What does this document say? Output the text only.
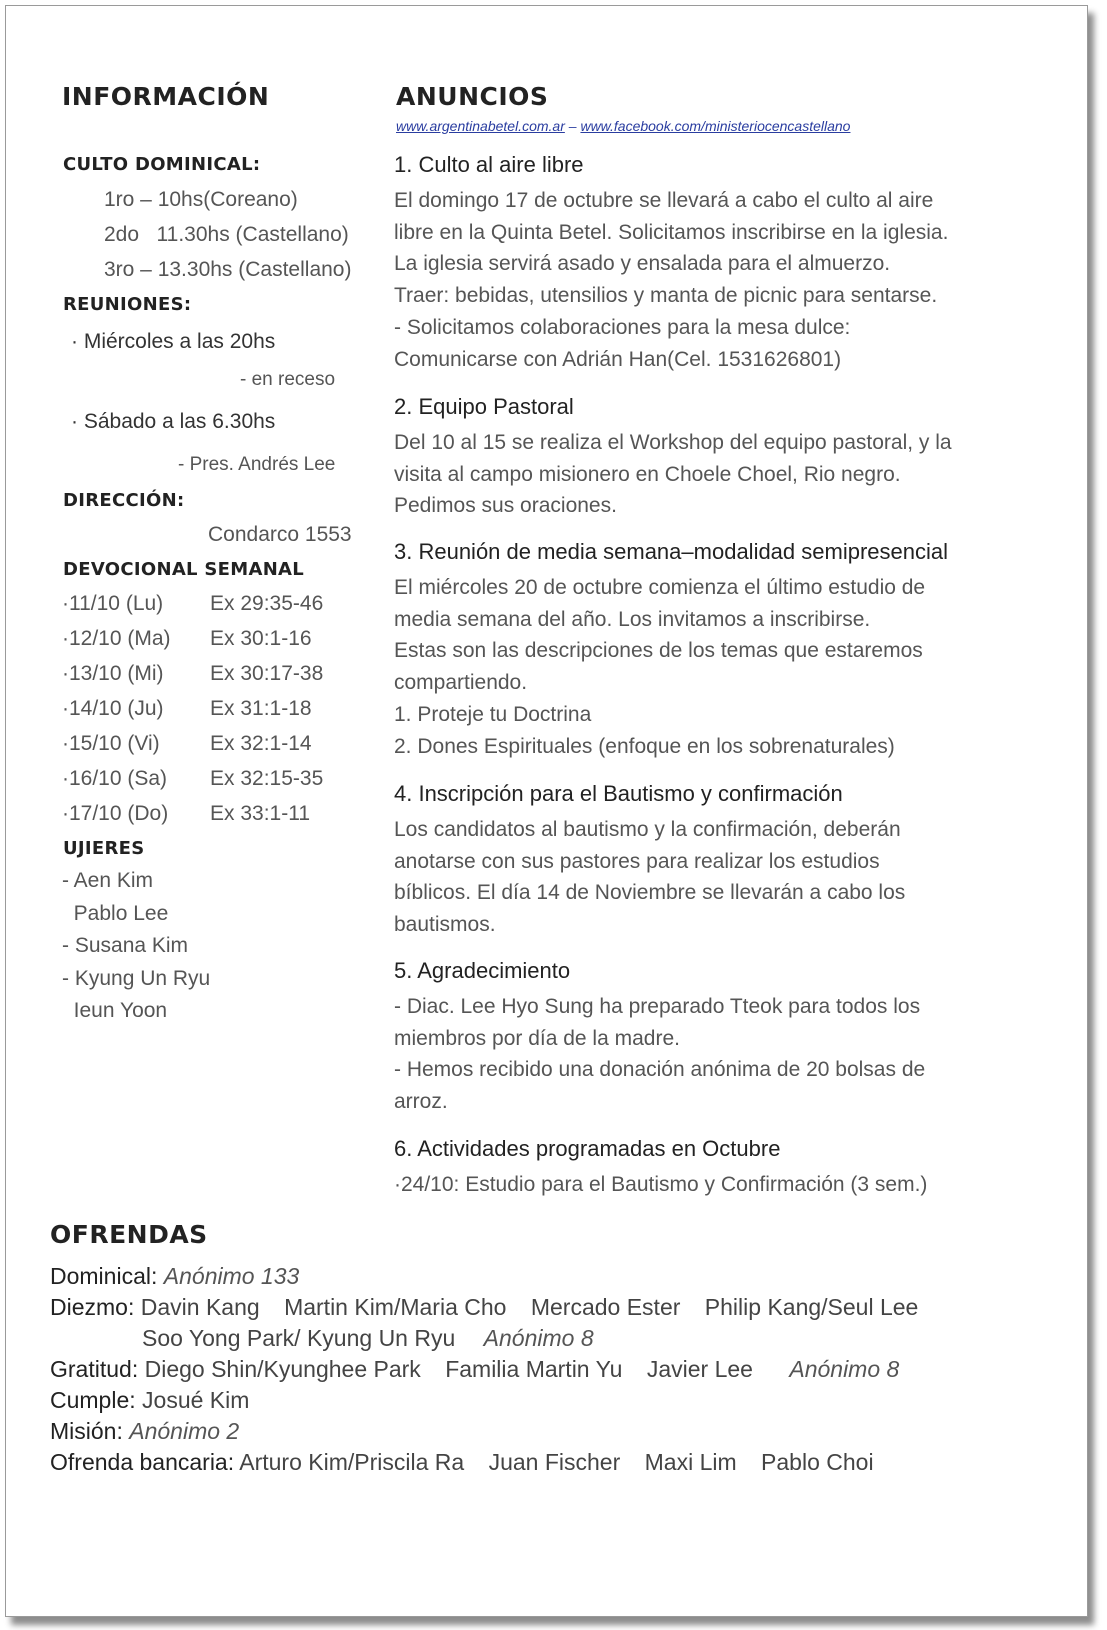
INFORMACIÓN
CULTO DOMINICAL:
1ro – 10hs(Coreano)
2do   11.30hs (Castellano)
3ro – 13.30hs (Castellano)
REUNIONES:
· Miércoles a las 20hs
- en receso
· Sábado a las 6.30hs
- Pres. Andrés Lee
DIRECCIÓN:
Condarco 1553
DEVOCIONAL SEMANAL
·11/10 (Lu) Ex 29:35-46
·12/10 (Ma) Ex 30:1-16
·13/10 (Mi) Ex 30:17-38
·14/10 (Ju) Ex 31:1-18
·15/10 (Vi) Ex 32:1-14
·16/10 (Sa) Ex 32:15-35
·17/10 (Do) Ex 33:1-11
UJIERES
- Aen Kim
Pablo Lee
- Susana Kim
- Kyung Un Ryu
Ieun Yoon
ANUNCIOS
www.argentinabetel.com.ar – www.facebook.com/ministeriocencastellano
1. Culto al aire libre
El domingo 17 de octubre se llevará a cabo el culto al aire
libre en la Quinta Betel. Solicitamos inscribirse en la iglesia.
La iglesia servirá asado y ensalada para el almuerzo.
Traer: bebidas, utensilios y manta de picnic para sentarse.
- Solicitamos colaboraciones para la mesa dulce:
Comunicarse con Adrián Han(Cel. 1531626801)
2. Equipo Pastoral
Del 10 al 15 se realiza el Workshop del equipo pastoral, y la
visita al campo misionero en Choele Choel, Rio negro.
Pedimos sus oraciones.
3. Reunión de media semana–modalidad semipresencial
El miércoles 20 de octubre comienza el último estudio de
media semana del año. Los invitamos a inscribirse.
Estas son las descripciones de los temas que estaremos
compartiendo.
1. Proteje tu Doctrina
2. Dones Espirituales (enfoque en los sobrenaturales)
4. Inscripción para el Bautismo y confirmación
Los candidatos al bautismo y la confirmación, deberán
anotarse con sus pastores para realizar los estudios
bíblicos. El día 14 de Noviembre se llevarán a cabo los
bautismos.
5. Agradecimiento
- Diac. Lee Hyo Sung ha preparado Tteok para todos los
miembros por día de la madre.
- Hemos recibido una donación anónima de 20 bolsas de
arroz.
6. Actividades programadas en Octubre
·24/10: Estudio para el Bautismo y Confirmación (3 sem.)
OFRENDAS
Dominical: Anónimo 133
Diezmo: Davin Kang Martin Kim/Maria Cho Mercado Ester Philip Kang/Seul Lee
Soo Yong Park/ Kyung Un Ryu Anónimo 8
Gratitud: Diego Shin/Kyunghee Park Familia Martin Yu Javier Lee Anónimo 8
Cumple: Josué Kim
Misión: Anónimo 2
Ofrenda bancaria: Arturo Kim/Priscila Ra Juan Fischer Maxi Lim Pablo Choi
